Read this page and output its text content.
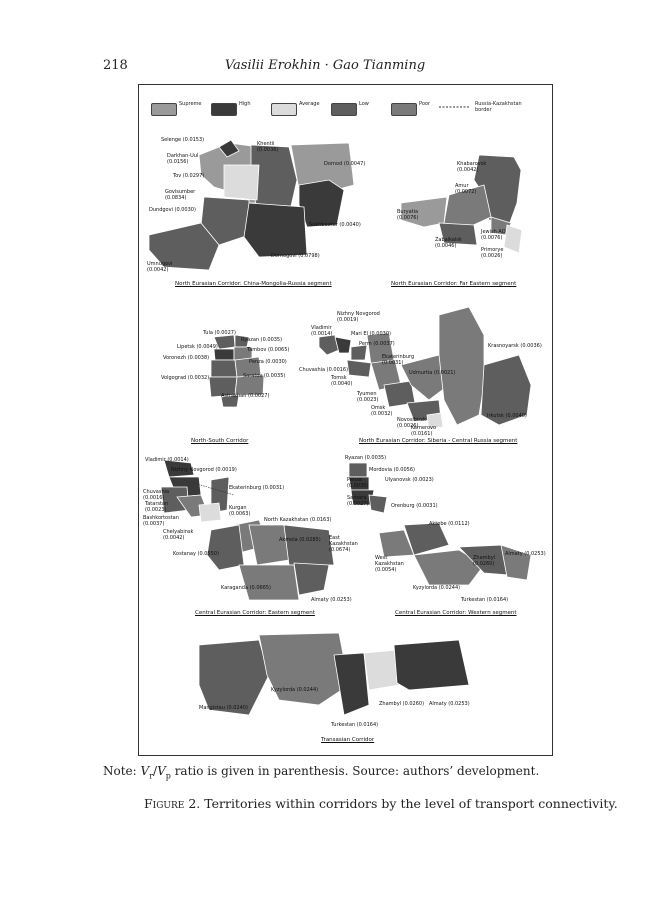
218	Vasilii Erokhin · Gao Tianming
Supreme	High	Average	Low	Poor	Russia-Kazakhstan border
Selenge (0.0153)
Darkhan-Uul (0.0156)
Khentii (0.0036)
Tov (0.0297)
Dornod (0.0047)
Govisumber (0.0834)
Dundgovi (0.0030)
Sukhbaatar (0.0040)
Dornogovi (0.0798)
Umnugovi (0.0042)
North Eurasian Corridor: China-Mongolia-Russia segment
Khabarovsk (0.0042)
Amur (0.0072)
Buryatia (0.0076)
Zabaikalsk (0.0046)
Jewish AO (0.0076)
Primorye (0.0026)
North Eurasian Corridor: Far Eastern segment
Tula (0.0027)
Ryazan (0.0035)
Lipetsk (0.0049)	Tambov (0.0065)
Voronezh (0.0038)
Penza (0.0030)
Volgograd (0.0032)	Saratov (0.0035)
Astrakhan (0.0027)
North-South Corridor
Nizhny Novgorod (0.0019)
Vladimir (0.0014)	Mari El (0.0030)
Perm (0.0037)	Krasnoyarsk (0.0036)
Ekaterinburg (0.0031)
Chuvashia (0.0016)	Udmurtia (0.0021)
Tomsk (0.0040)
Tyumen (0.0023)
Omsk (0.0032)
Novosibirsk (0.0026)
Kemerovo (0.0161)
Irkutsk (0.0040)
North Eurasian Corridor: Siberia - Central Russia segment
Vladimir (0.0014)
Nizhny Novgorod (0.0019)
Ekaterinburg (0.0031)
Chuvashia (0.0016)
Tatarstan (0.0023)
Bashkortostan (0.0037)
Kurgan (0.0063)
Chelyabinsk (0.0042)
North Kazakhstan (0.0163)
Akmola (0.0285) East Kazakhstan (0.0674)
Kostanay (0.0550)
Karaganda (0.0665)
Almaty (0.0253)
Central Eurasian Corridor: Eastern segment
Ryazan (0.0035)
Mordovia (0.0056)
Penza (0.0030)
Ulyanovsk (0.0023)
Samara (0.0027)	Orenburg (0.0031)
Aktobe (0.0112)
West Kazakhstan (0.0054)
Zhambyl (0.0260)
Almaty (0.0253)
Kyzylorda (0.0244)
Turkestan (0.0164)
Central Eurasian Corridor: Western segment
Kyzylorda (0.0244)
Mangistau (0.0240)
Zhambyl (0.0260) Almaty (0.0253)
Turkestan (0.0164)
Transasian Corridor
Note: $V_r/V_p$ ratio is given in parenthesis. Source: authors’ development.
Figure 2. Territories within corridors by the level of transport connectivity.
